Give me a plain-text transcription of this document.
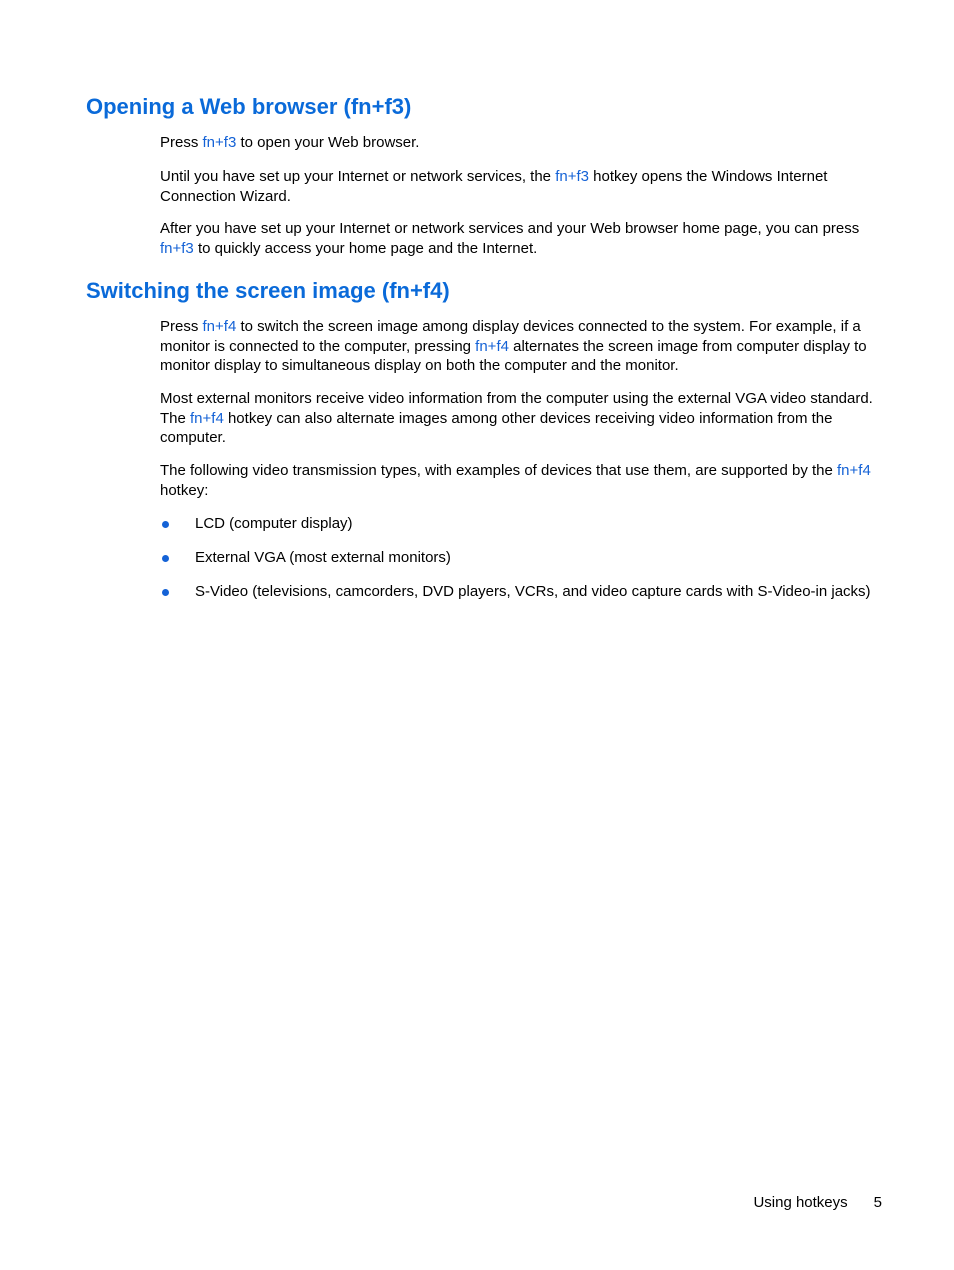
Opening a Web browser (fn+f3)

Press fn+f3 to open your Web browser.

Until you have set up your Internet or network services, the fn+f3 hotkey opens the Windows Internet Connection Wizard.

After you have set up your Internet or network services and your Web browser home page, you can press fn+f3 to quickly access your home page and the Internet.

Switching the screen image (fn+f4)

Press fn+f4 to switch the screen image among display devices connected to the system. For example, if a monitor is connected to the computer, pressing fn+f4 alternates the screen image from computer display to monitor display to simultaneous display on both the computer and the monitor.

Most external monitors receive video information from the computer using the external VGA video standard. The fn+f4 hotkey can also alternate images among other devices receiving video information from the computer.

The following video transmission types, with examples of devices that use them, are supported by the fn+f4 hotkey:

LCD (computer display)
External VGA (most external monitors)
S-Video (televisions, camcorders, DVD players, VCRs, and video capture cards with S-Video-in jacks)
Using hotkeys 5
